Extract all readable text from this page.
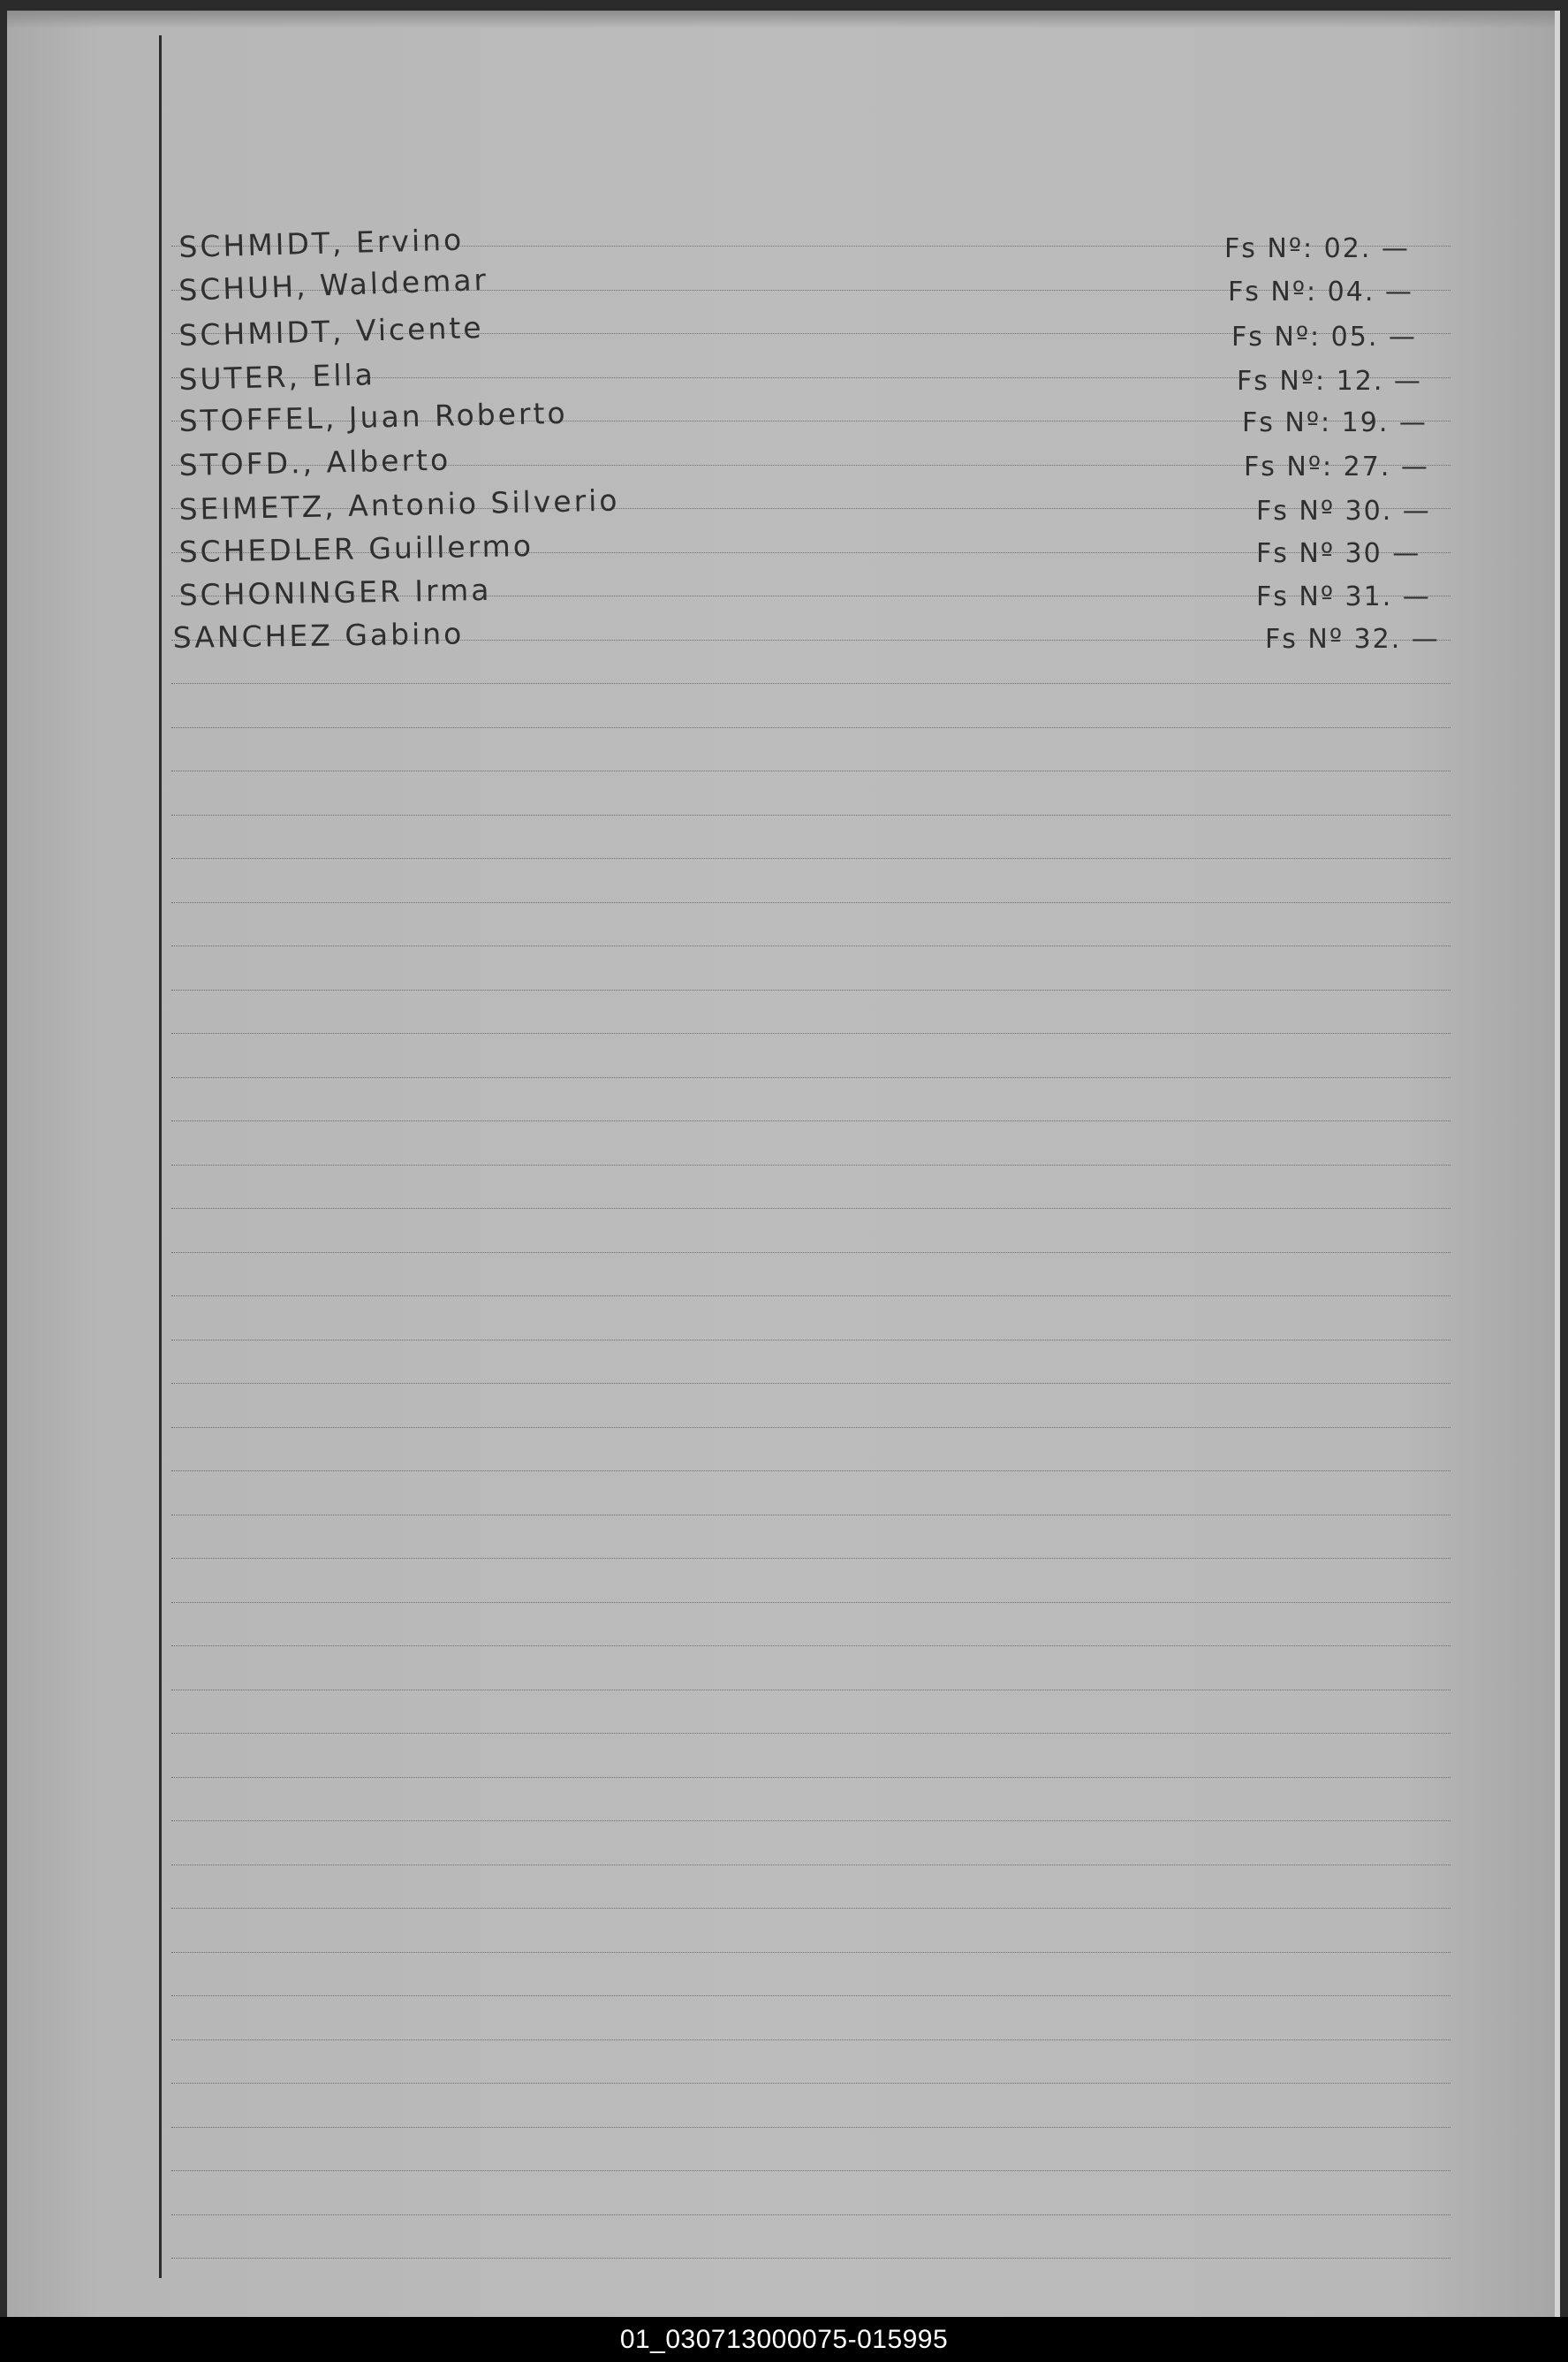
SCHMIDT, Ervino	Fs Nº: 02. —
SCHUH, Waldemar	Fs Nº: 04. —
SCHMIDT, Vicente	Fs Nº: 05. —
SUTER, Ella	Fs Nº: 12. —
STOFFEL, Juan Roberto	Fs Nº: 19. —
STOFD., Alberto	Fs Nº: 27. —
SEIMETZ, Antonio Silverio	Fs Nº 30. —
SCHEDLER Guillermo	Fs Nº 30 —
SCHONINGER Irma	Fs Nº 31. —
SANCHEZ Gabino	Fs Nº 32. —
01_030713000075-015995
